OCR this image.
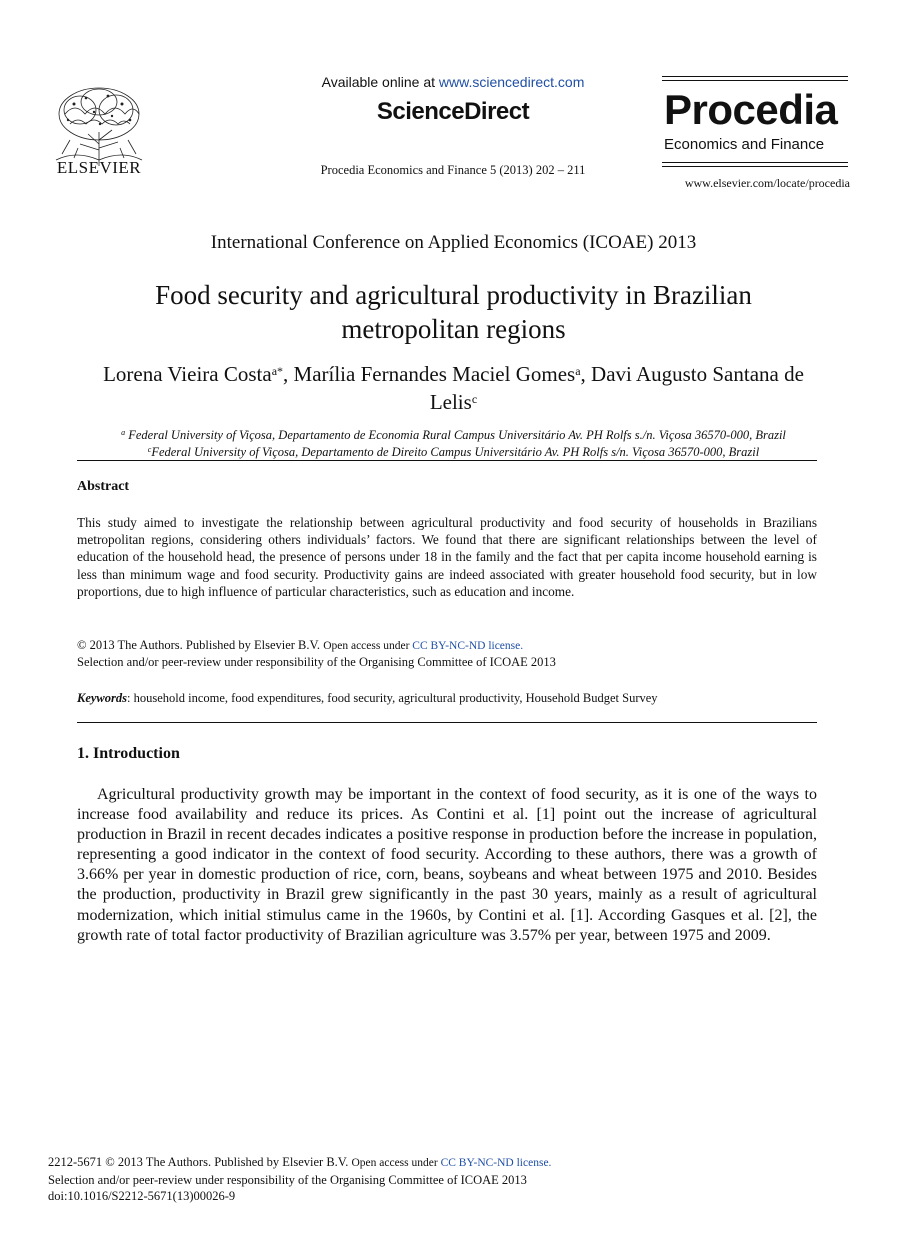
ELSEVIER
Available online at www.sciencedirect.com
ScienceDirect
Procedia Economics and Finance 5 (2013) 202 – 211
Procedia
Economics and Finance
www.elsevier.com/locate/procedia
International Conference on Applied Economics (ICOAE) 2013
Food security and agricultural productivity in Brazilian
metropolitan regions
Lorena Vieira Costa$^{a*}$, Marília Fernandes Maciel Gomes$^a$, Davi Augusto Santana de
Lelis$^c$
$^a$ Federal University of Viçosa, Departamento de Economia Rural Campus Universitário Av. PH Rolfs s./n. Viçosa 36570-000, Brazil
$^c$Federal University of Viçosa, Departamento de Direito Campus Universitário Av. PH Rolfs s/n. Viçosa 36570-000, Brazil
Abstract
This study aimed to investigate the relationship between agricultural productivity and food security of households in Brazilians metropolitan regions, considering others individuals’ factors. We found that there are significant relationships between the level of education of the household head, the presence of persons under 18 in the family and the fact that per capita income household earning is less than minimum wage and food security. Productivity gains are indeed associated with greater household food security, but in low proportions, due to high influence of particular characteristics, such as education and income.
© 2013 The Authors. Published by Elsevier B.V. Open access under CC BY-NC-ND license.
Selection and/or peer-review under responsibility of the Organising Committee of ICOAE 2013
Keywords: household income, food expenditures, food security, agricultural productivity, Household Budget Survey
1. Introduction
Agricultural productivity growth may be important in the context of food security, as it is one of the ways to increase food availability and reduce its prices. As Contini et al. [1] point out the increase of agricultural production in Brazil in recent decades indicates a positive response in production before the increase in population, representing a good indicator in the context of food security. According to these authors, there was a growth of 3.66% per year in domestic production of rice, corn, beans, soybeans and wheat between 1975 and 2010. Besides the production, productivity in Brazil grew significantly in the past 30 years, mainly as a result of agricultural modernization, which initial stimulus came in the 1960s, by Contini et al. [1]. According Gasques et al. [2], the growth rate of total factor productivity of Brazilian agriculture was 3.57% per year, between 1975 and 2009.
2212-5671 © 2013 The Authors. Published by Elsevier B.V. Open access under CC BY-NC-ND license.
Selection and/or peer-review under responsibility of the Organising Committee of ICOAE 2013
doi:10.1016/S2212-5671(13)00026-9
